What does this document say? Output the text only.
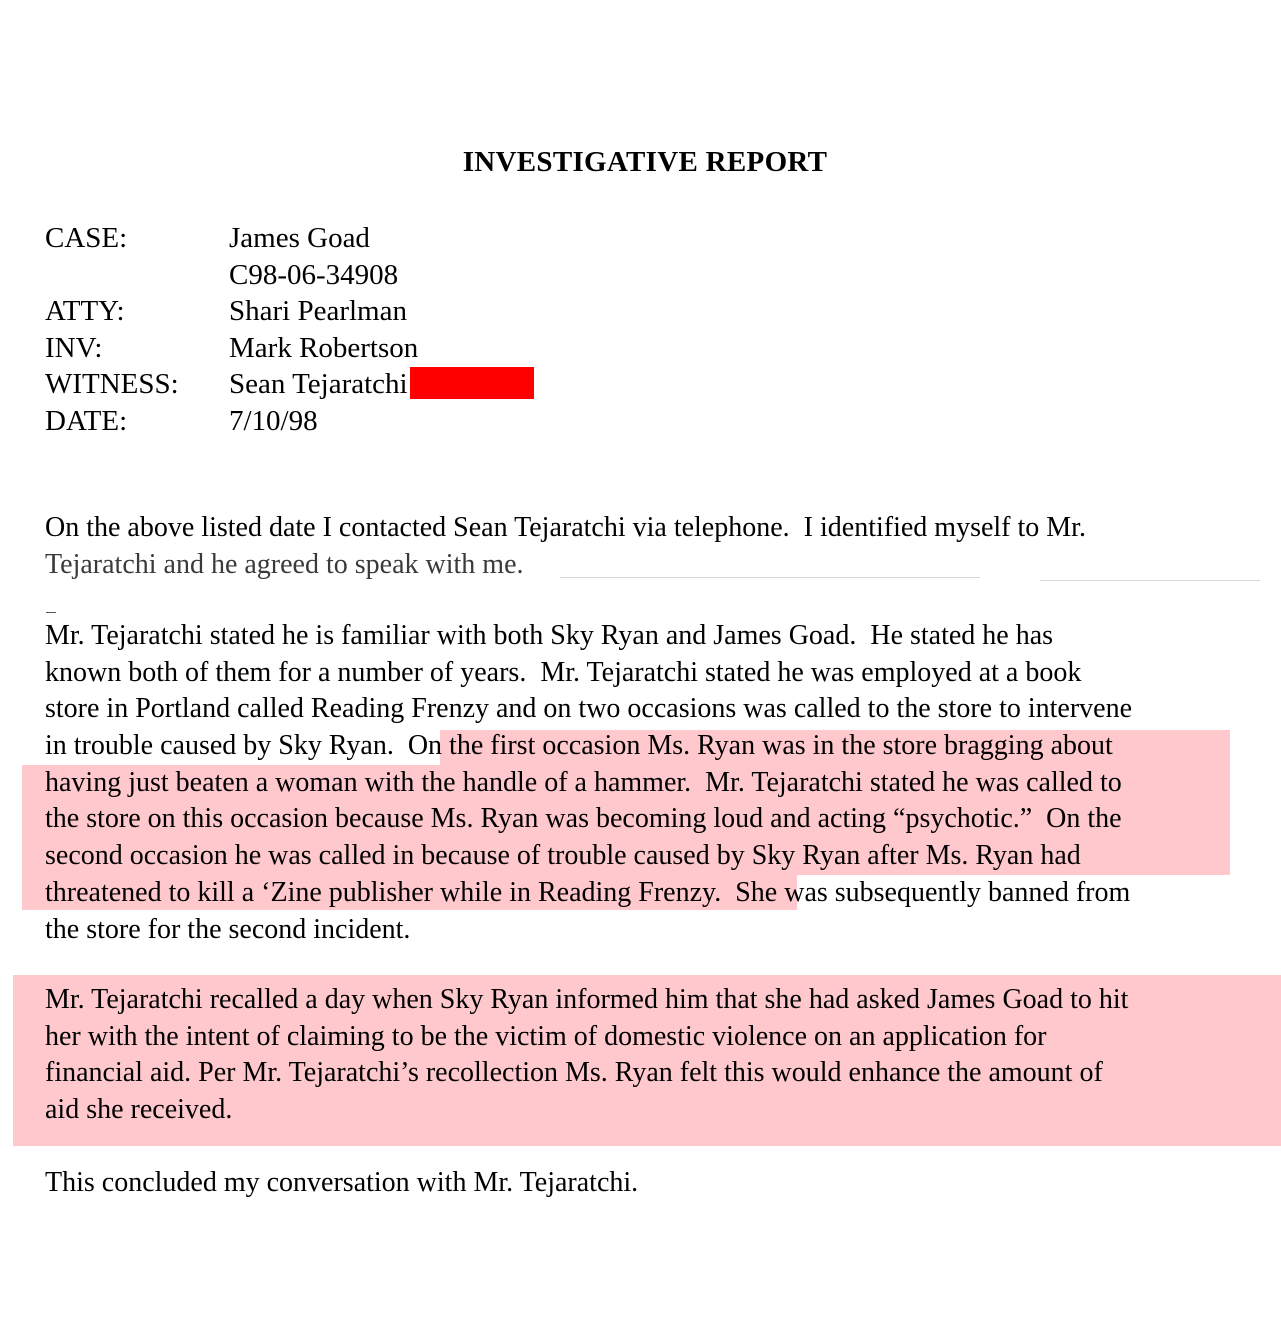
INVESTIGATIVE REPORT
CASE:	James Goad
C98-06-34908
ATTY:	Shari Pearlman
INV:	Mark Robertson
WITNESS:	Sean Tejaratchi
DATE:	7/10/98
On the above listed date I contacted Sean Tejaratchi via telephone.  I identified myself to Mr.
Tejaratchi and he agreed to speak with me.
Mr. Tejaratchi stated he is familiar with both Sky Ryan and James Goad.  He stated he has
known both of them for a number of years.  Mr. Tejaratchi stated he was employed at a book
store in Portland called Reading Frenzy and on two occasions was called to the store to intervene
in trouble caused by Sky Ryan.  On the first occasion Ms. Ryan was in the store bragging about
having just beaten a woman with the handle of a hammer.  Mr. Tejaratchi stated he was called to
the store on this occasion because Ms. Ryan was becoming loud and acting “psychotic.”  On the
second occasion he was called in because of trouble caused by Sky Ryan after Ms. Ryan had
threatened to kill a ‘Zine publisher while in Reading Frenzy.  She was subsequently banned from
the store for the second incident.
Mr. Tejaratchi recalled a day when Sky Ryan informed him that she had asked James Goad to hit
her with the intent of claiming to be the victim of domestic violence on an application for
financial aid. Per Mr. Tejaratchi’s recollection Ms. Ryan felt this would enhance the amount of
aid she received.
This concluded my conversation with Mr. Tejaratchi.
